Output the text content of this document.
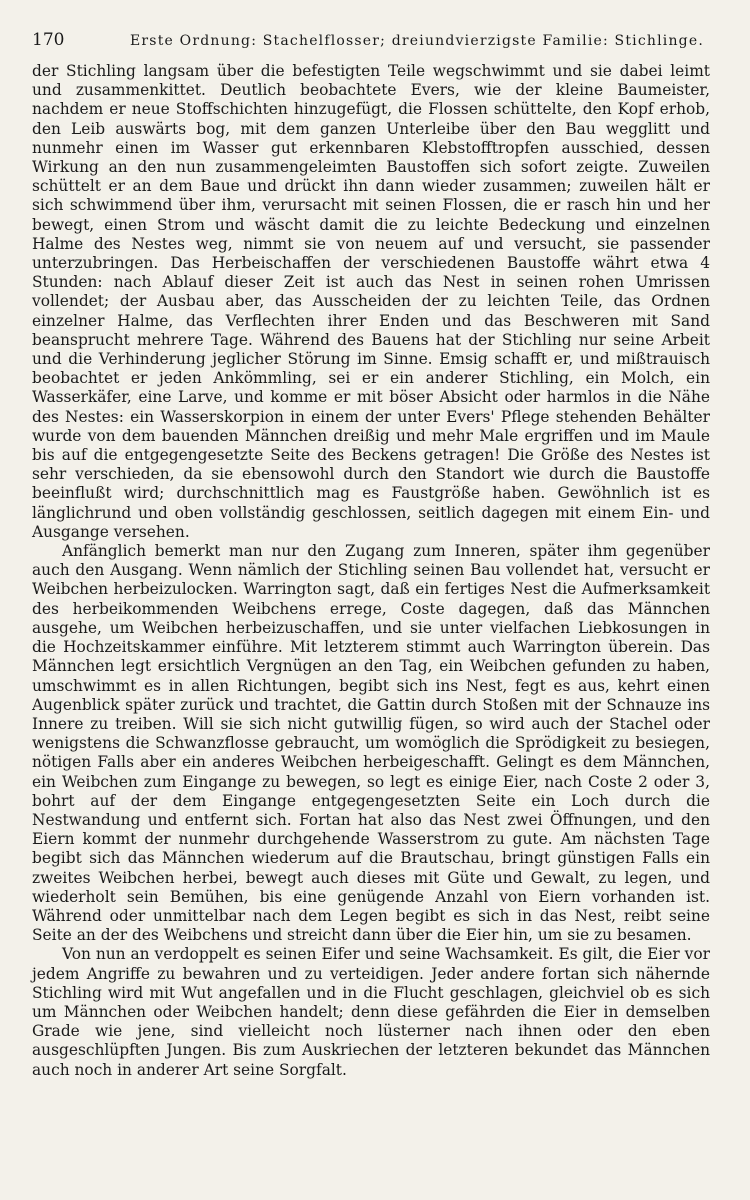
170	Erste Ordnung: Stachelflosser; dreiundvierzigste Familie: Stichlinge.

der Stichling langsam über die befestigten Teile wegschwimmt und sie dabei leimt und zusammenkittet. Deutlich beobachtete Evers, wie der kleine Baumeister, nachdem er neue Stoffschichten hinzugefügt, die Flossen schüttelte, den Kopf erhob, den Leib auswärts bog, mit dem ganzen Unterleibe über den Bau wegglitt und nunmehr einen im Wasser gut erkennbaren Klebstofftropfen ausschied, dessen Wirkung an den nun zusammengeleimten Baustoffen sich sofort zeigte. Zuweilen schüttelt er an dem Baue und drückt ihn dann wieder zusammen; zuweilen hält er sich schwimmend über ihm, verursacht mit seinen Flossen, die er rasch hin und her bewegt, einen Strom und wäscht damit die zu leichte Bedeckung und einzelnen Halme des Nestes weg, nimmt sie von neuem auf und versucht, sie passender unterzubringen. Das Herbeischaffen der verschiedenen Baustoffe währt etwa 4 Stunden: nach Ablauf dieser Zeit ist auch das Nest in seinen rohen Umrissen vollendet; der Ausbau aber, das Ausscheiden der zu leichten Teile, das Ordnen einzelner Halme, das Verflechten ihrer Enden und das Beschweren mit Sand beansprucht mehrere Tage. Während des Bauens hat der Stichling nur seine Arbeit und die Verhinderung jeglicher Störung im Sinne. Emsig schafft er, und mißtrauisch beobachtet er jeden Ankömmling, sei er ein anderer Stichling, ein Molch, ein Wasserkäfer, eine Larve, und komme er mit böser Absicht oder harmlos in die Nähe des Nestes: ein Wasserskorpion in einem der unter Evers' Pflege stehenden Behälter wurde von dem bauenden Männchen dreißig und mehr Male ergriffen und im Maule bis auf die entgegengesetzte Seite des Beckens getragen! Die Größe des Nestes ist sehr verschieden, da sie ebensowohl durch den Standort wie durch die Baustoffe beeinflußt wird; durchschnittlich mag es Faustgröße haben. Gewöhnlich ist es länglichrund und oben vollständig geschlossen, seitlich dagegen mit einem Ein- und Ausgange versehen.

Anfänglich bemerkt man nur den Zugang zum Inneren, später ihm gegenüber auch den Ausgang. Wenn nämlich der Stichling seinen Bau vollendet hat, versucht er Weibchen herbeizulocken. Warrington sagt, daß ein fertiges Nest die Aufmerksamkeit des herbeikommenden Weibchens errege, Coste dagegen, daß das Männchen ausgehe, um Weibchen herbeizuschaffen, und sie unter vielfachen Liebkosungen in die Hochzeitskammer einführe. Mit letzterem stimmt auch Warrington überein. Das Männchen legt ersichtlich Vergnügen an den Tag, ein Weibchen gefunden zu haben, umschwimmt es in allen Richtungen, begibt sich ins Nest, fegt es aus, kehrt einen Augenblick später zurück und trachtet, die Gattin durch Stoßen mit der Schnauze ins Innere zu treiben. Will sie sich nicht gutwillig fügen, so wird auch der Stachel oder wenigstens die Schwanzflosse gebraucht, um womöglich die Sprödigkeit zu besiegen, nötigen Falls aber ein anderes Weibchen herbeigeschafft. Gelingt es dem Männchen, ein Weibchen zum Eingange zu bewegen, so legt es einige Eier, nach Coste 2 oder 3, bohrt auf der dem Eingange entgegengesetzten Seite ein Loch durch die Nestwandung und entfernt sich. Fortan hat also das Nest zwei Öffnungen, und den Eiern kommt der nunmehr durchgehende Wasserstrom zu gute. Am nächsten Tage begibt sich das Männchen wiederum auf die Brautschau, bringt günstigen Falls ein zweites Weibchen herbei, bewegt auch dieses mit Güte und Gewalt, zu legen, und wiederholt sein Bemühen, bis eine genügende Anzahl von Eiern vorhanden ist. Während oder unmittelbar nach dem Legen begibt es sich in das Nest, reibt seine Seite an der des Weibchens und streicht dann über die Eier hin, um sie zu besamen.

Von nun an verdoppelt es seinen Eifer und seine Wachsamkeit. Es gilt, die Eier vor jedem Angriffe zu bewahren und zu verteidigen. Jeder andere fortan sich nähernde Stichling wird mit Wut angefallen und in die Flucht geschlagen, gleichviel ob es sich um Männchen oder Weibchen handelt; denn diese gefährden die Eier in demselben Grade wie jene, sind vielleicht noch lüsterner nach ihnen oder den eben ausgeschlüpften Jungen. Bis zum Auskriechen der letzteren bekundet das Männchen auch noch in anderer Art seine Sorgfalt.
